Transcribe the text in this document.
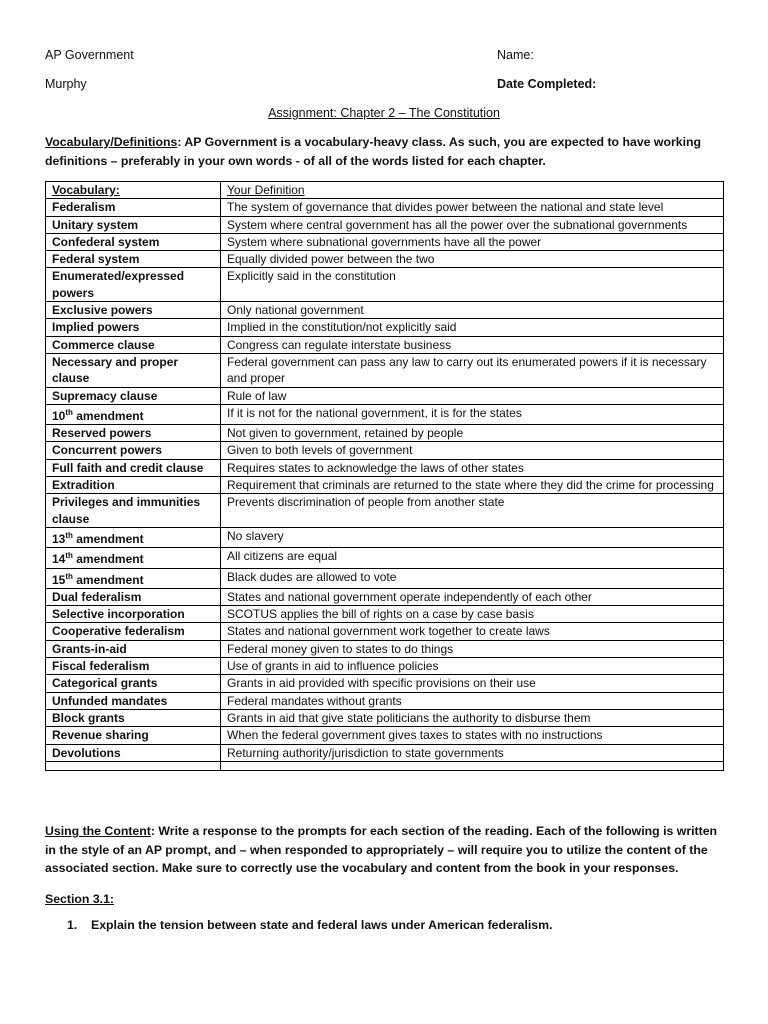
AP Government
Murphy
Name:
Date Completed:
Assignment: Chapter 2 – The Constitution
Vocabulary/Definitions: AP Government is a vocabulary-heavy class. As such, you are expected to have working definitions – preferably in your own words - of all of the words listed for each chapter.
Vocabulary:	Your Definition
Federalism	The system of governance that divides power between the national and state level
Unitary system	System where central government has all the power over the subnational governments
Confederal system	System where subnational governments have all the power
Federal system	Equally divided power between the two
Enumerated/expressed powers	Explicitly said in the constitution
Exclusive powers	Only national government
Implied powers	Implied in the constitution/not explicitly said
Commerce clause	Congress can regulate interstate business
Necessary and proper clause	Federal government can pass any law to carry out its enumerated powers if it is necessary and proper
Supremacy clause	Rule of law
10th amendment	If it is not for the national government, it is for the states
Reserved powers	Not given to government, retained by people
Concurrent powers	Given to both levels of government
Full faith and credit clause	Requires states to acknowledge the laws of other states
Extradition	Requirement that criminals are returned to the state where they did the crime for processing
Privileges and immunities clause	Prevents discrimination of people from another state
13th amendment	No slavery
14th amendment	All citizens are equal
15th amendment	Black dudes are allowed to vote
Dual federalism	States and national government operate independently of each other
Selective incorporation	SCOTUS applies the bill of rights on a case by case basis
Cooperative federalism	States and national government work together to create laws
Grants-in-aid	Federal money given to states to do things
Fiscal federalism	Use of grants in aid to influence policies
Categorical grants	Grants in aid provided with specific provisions on their use
Unfunded mandates	Federal mandates without grants
Block grants	Grants in aid that give state politicians the authority to disburse them
Revenue sharing	When the federal government gives taxes to states with no instructions
Devolutions	Returning authority/jurisdiction to state governments

Using the Content: Write a response to the prompts for each section of the reading. Each of the following is written in the style of an AP prompt, and – when responded to appropriately – will require you to utilize the content of the associated section. Make sure to correctly use the vocabulary and content from the book in your responses.
Section 3.1:
1. Explain the tension between state and federal laws under American federalism.
